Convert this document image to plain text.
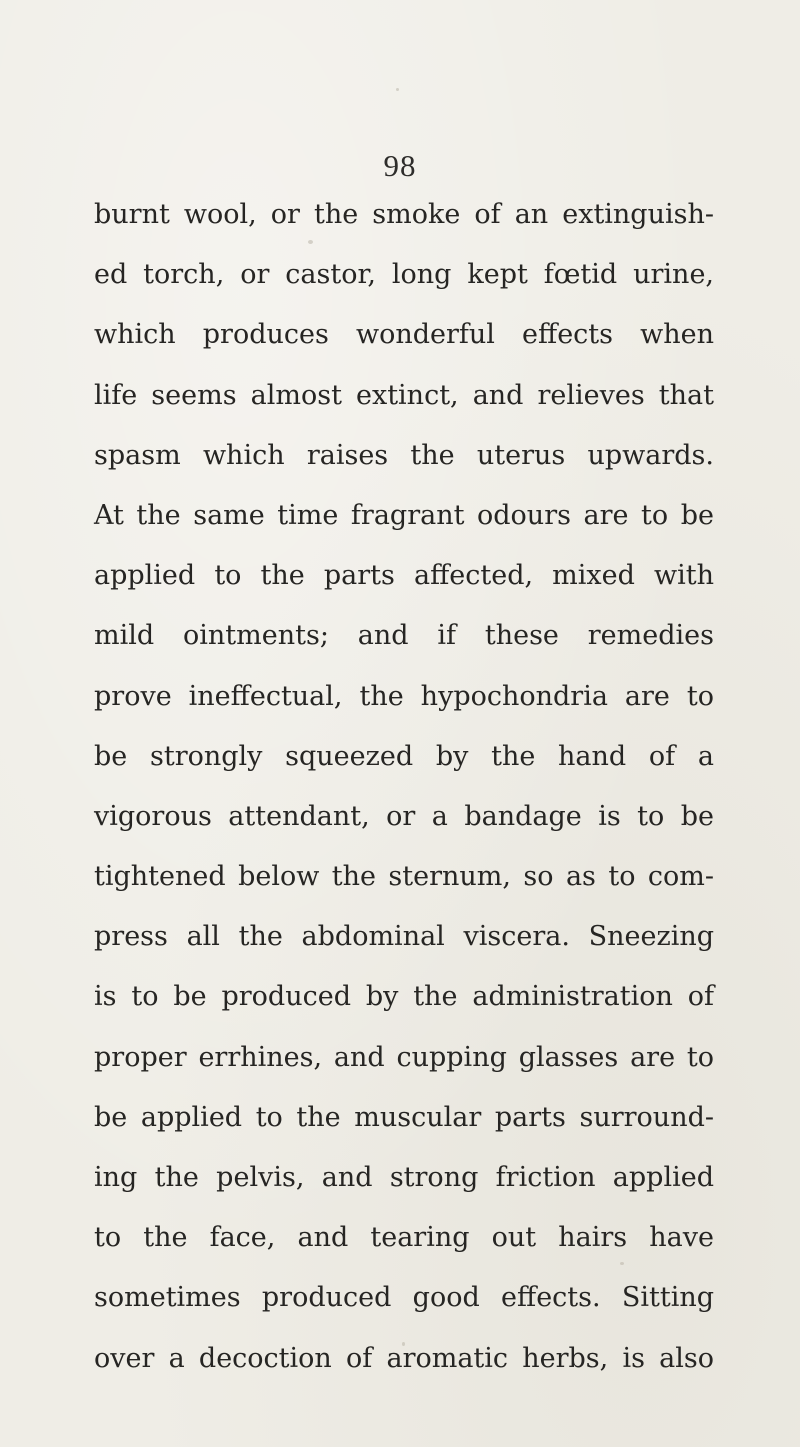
98
burnt wool, or the smoke of an extinguish-
ed torch, or castor, long kept fœtid urine,
which produces wonderful effects when
life seems almost extinct, and relieves that
spasm which raises the uterus upwards.
At the same time fragrant odours are to be
applied to the parts affected, mixed with
mild ointments; and if these remedies
prove ineffectual, the hypochondria are to
be strongly squeezed by the hand of a
vigorous attendant, or a bandage is to be
tightened below the sternum, so as to com-
press all the abdominal viscera. Sneezing
is to be produced by the administration of
proper errhines, and cupping glasses are to
be applied to the muscular parts surround-
ing the pelvis, and strong friction applied
to the face, and tearing out hairs have
sometimes produced good effects. Sitting
over a decoction of aromatic herbs, is also
